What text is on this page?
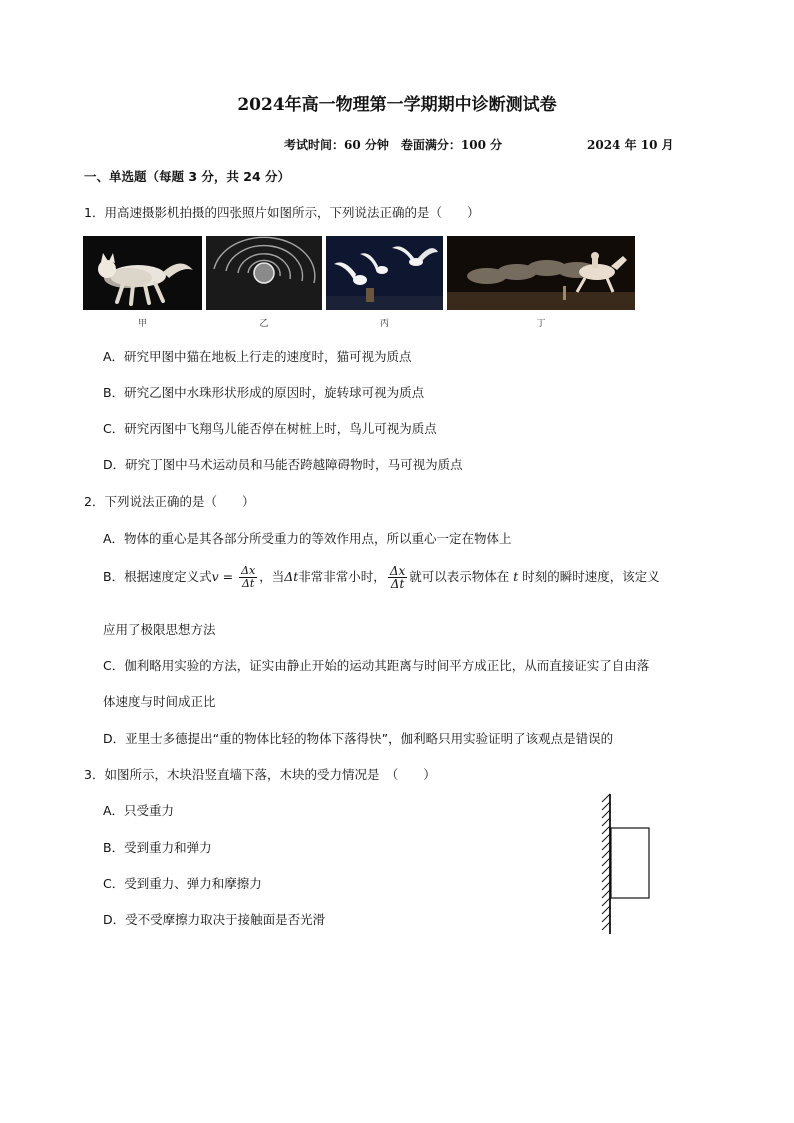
2024年高一物理第一学期期中诊断测试卷
考试时间：60 分钟　卷面满分：100 分	2024 年 10 月
一、单选题（每题 3 分，共 24 分）
1．用高速摄影机拍摄的四张照片如图所示，下列说法正确的是（　　）
甲	乙	丙	丁
A．研究甲图中猫在地板上行走的速度时，猫可视为质点
B．研究乙图中水珠形状形成的原因时，旋转球可视为质点
C．研究丙图中飞翔鸟儿能否停在树桩上时，鸟儿可视为质点
D．研究丁图中马术运动员和马能否跨越障碍物时，马可视为质点
2．下列说法正确的是（　　）
A．物体的重心是其各部分所受重力的等效作用点，所以重心一定在物体上
B．根据速度定义式$v = \frac{\Delta x}{\Delta t}$ ，当Δt非常非常小时， $\frac{\Delta x}{\Delta t}$ 就可以表示物体在 t 时刻的瞬时速度，该定义
应用了极限思想方法
C．伽利略用实验的方法，证实由静止开始的运动其距离与时间平方成正比，从而直接证实了自由落
体速度与时间成正比
D．亚里士多德提出“重的物体比轻的物体下落得快”，伽利略只用实验证明了该观点是错误的
3．如图所示，木块沿竖直墙下落，木块的受力情况是　（　　）
A．只受重力
B．受到重力和弹力
C．受到重力、弹力和摩擦力
D．受不受摩擦力取决于接触面是否光滑
